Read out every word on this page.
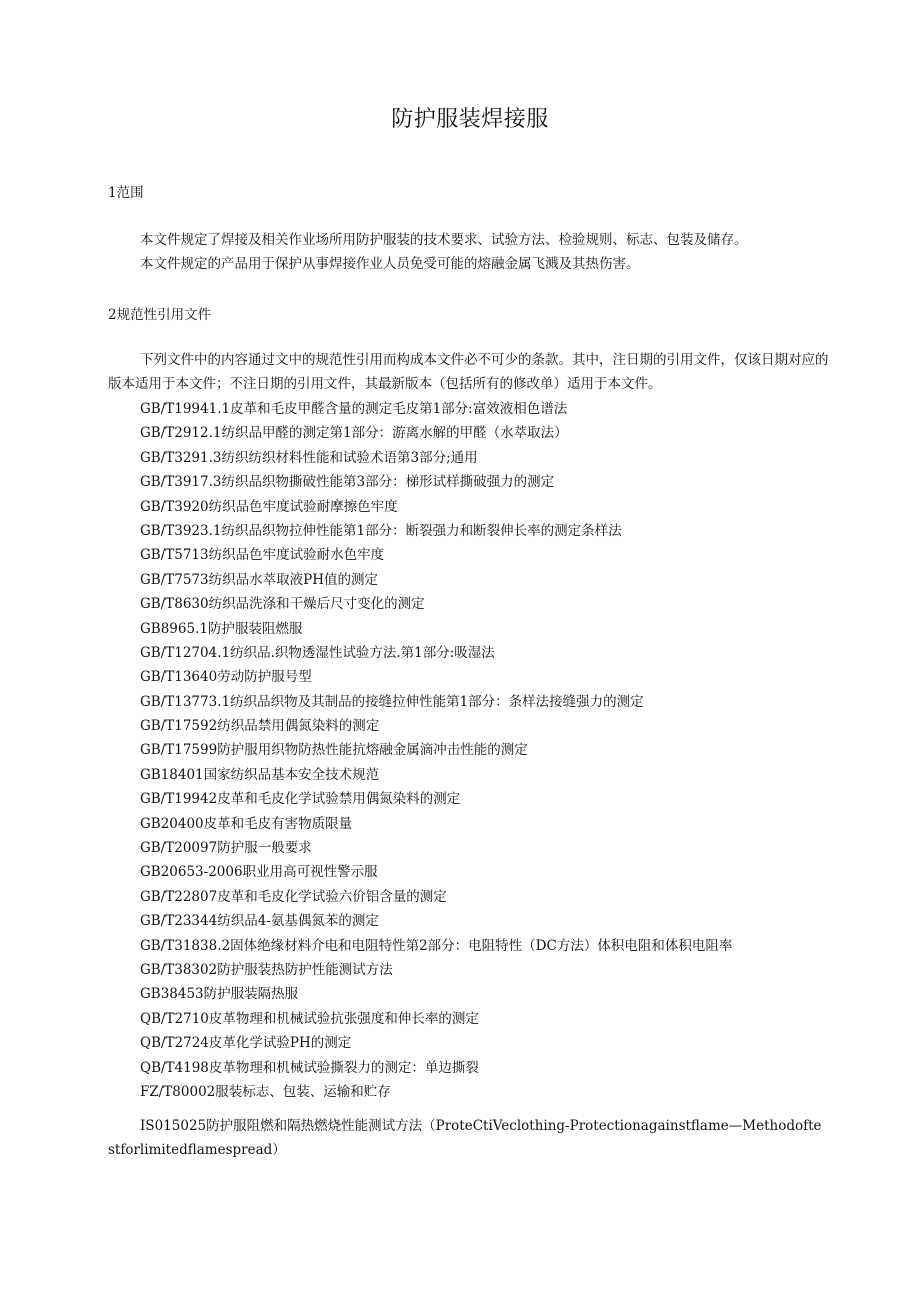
防护服装焊接服
1范围

本文件规定了焊接及相关作业场所用防护服装的技术要求、试验方法、检验规则、标志、包装及储存。

本文件规定的产品用于保护从事焊接作业人员免受可能的熔融金属飞溅及其热伤害。

2规范性引用文件

下列文件中的内容通过文中的规范性引用而构成本文件必不可少的条款。其中，注日期的引用文件，仅该日期对应的版本适用于本文件；不注日期的引用文件，其最新版本（包括所有的修改单）适用于本文件。

GB/T19941.1皮革和毛皮甲醛含量的测定毛皮第1部分:富效液相色谱法
GB/T2912.1纺织品甲醛的测定第1部分：游离水解的甲醛（水萃取法）
GB/T3291.3纺织纺织材料性能和试验术语第3部分;通用
GB/T3917.3纺织品织物撕破性能第3部分：梯形试样撕破强力的测定
GB/T3920纺织品色牢度试验耐摩擦色牢度
GB/T3923.1纺织品织物拉伸性能第1部分：断裂强力和断裂伸长率的测定条样法
GB/T5713纺织品色牢度试验耐水色牢度
GB/T7573纺织品水萃取液PH值的测定
GB/T8630纺织品洗涤和干燥后尺寸变化的测定
GB8965.1防护服装阻燃服
GB/T12704.1纺织品.织物透湿性试验方法.第1部分:吸湿法
GB/T13640劳动防护服号型
GB/T13773.1纺织品织物及其制品的接缝拉伸性能第1部分：条样法接缝强力的测定
GB/T17592纺织品禁用偶氮染料的测定
GB/T17599防护服用织物防热性能抗熔融金属滴冲击性能的测定
GB18401国家纺织品基本安全技术规范
GB/T19942皮革和毛皮化学试验禁用偶氮染料的测定
GB20400皮革和毛皮有害物质限量
GB/T20097防护服一般要求
GB20653-2006职业用高可视性警示服
GB/T22807皮革和毛皮化学试验六价铝含量的测定
GB/T23344纺织品4-氨基偶氮苯的测定
GB/T31838.2固体绝缘材料介电和电阻特性第2部分：电阻特性（DC方法）体积电阻和体积电阻率
GB/T38302防护服装热防护性能测试方法
GB38453防护服装隔热服
QB/T2710皮革物理和机械试验抗张强度和伸长率的测定
QB/T2724皮革化学试验PH的测定
QB/T4198皮革物理和机械试验撕裂力的测定：单边撕裂
FZ/T80002服装标志、包装、运输和贮存

IS015025防护服阻燃和隔热燃烧性能测试方法（ProteCtiVeclothing-Protectionagainstflame—Methodoftestforlimitedflamespread）
